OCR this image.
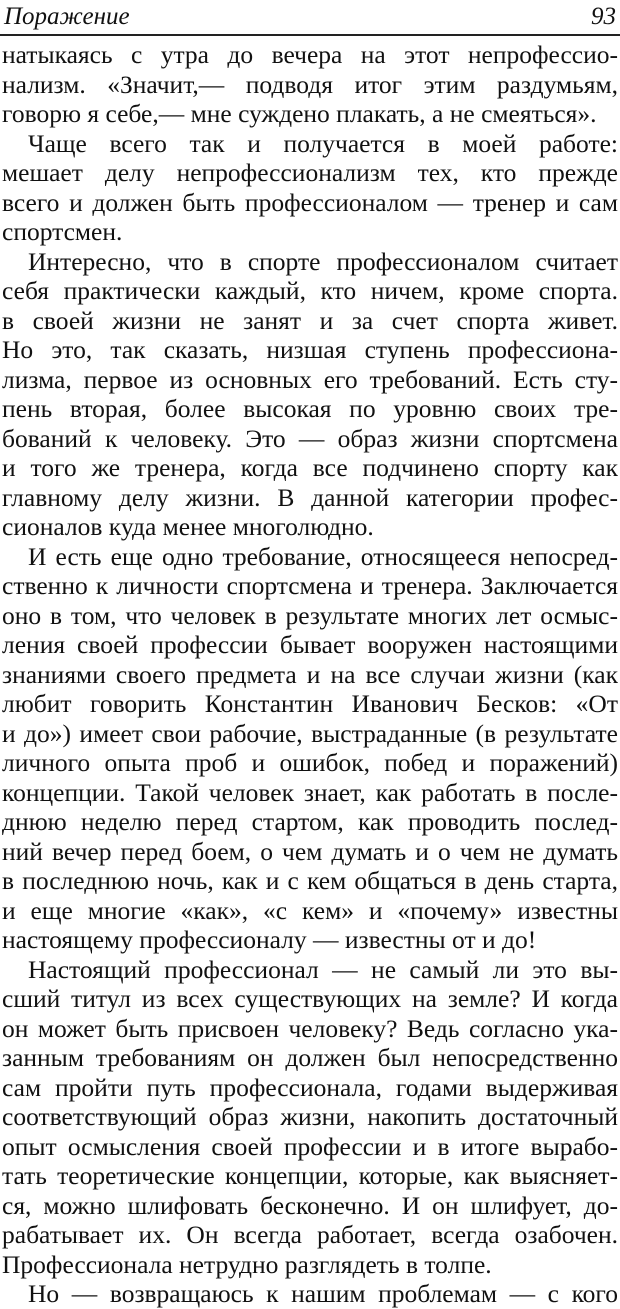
Поражение	93
натыкаясь с утра до вечера на этот непрофессио-
нализм. «Значит,— подводя итог этим раздумьям,
говорю я себе,— мне суждено плакать, а не смеяться».
Чаще всего так и получается в моей работе:
мешает делу непрофессионализм тех, кто прежде
всего и должен быть профессионалом — тренер и сам
спортсмен.
Интересно, что в спорте профессионалом считает
себя практически каждый, кто ничем, кроме спорта.
в своей жизни не занят и за счет спорта живет.
Но это, так сказать, низшая ступень профессиона-
лизма, первое из основных его требований. Есть сту-
пень вторая, более высокая по уровню своих тре-
бований к человеку. Это — образ жизни спортсмена
и того же тренера, когда все подчинено спорту как
главному делу жизни. В данной категории профес-
сионалов куда менее многолюдно.
И есть еще одно требование, относящееся непосред-
ственно к личности спортсмена и тренера. Заключается
оно в том, что человек в результате многих лет осмыс-
ления своей профессии бывает вооружен настоящими
знаниями своего предмета и на все случаи жизни (как
любит говорить Константин Иванович Бесков: «От
и до») имеет свои рабочие, выстраданные (в результате
личного опыта проб и ошибок, побед и поражений)
концепции. Такой человек знает, как работать в после-
днюю неделю перед стартом, как проводить послед-
ний вечер перед боем, о чем думать и о чем не думать
в последнюю ночь, как и с кем общаться в день старта,
и еще многие «как», «с кем» и «почему» известны
настоящему профессионалу — известны от и до!
Настоящий профессионал — не самый ли это вы-
сший титул из всех существующих на земле? И когда
он может быть присвоен человеку? Ведь согласно ука-
занным требованиям он должен был непосредственно
сам пройти путь профессионала, годами выдерживая
соответствующий образ жизни, накопить достаточный
опыт осмысления своей профессии и в итоге вырабо-
тать теоретические концепции, которые, как выясняет-
ся, можно шлифовать бесконечно. И он шлифует, до-
рабатывает их. Он всегда работает, всегда озабочен.
Профессионала нетрудно разглядеть в толпе.
Но — возвращаюсь к нашим проблемам — с кого
